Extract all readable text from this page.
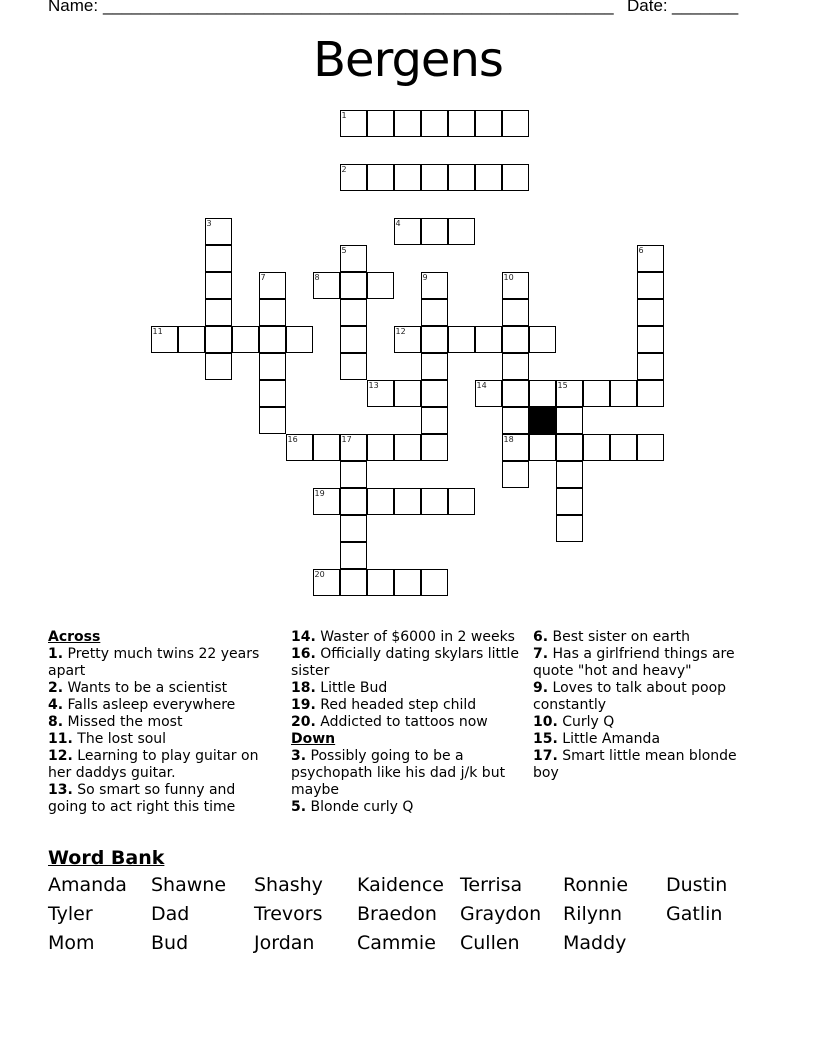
Name:

______________________________________________________

Date:

_______

Bergens
1
2
3	4
5	6
7	8	9	10
18
11	12
13	14	15
16	17
19
20
Across
1. Pretty much twins 22 years apart
2. Wants to be a scientist
4. Falls asleep everywhere
8. Missed the most
11. The lost soul
12. Learning to play guitar on her daddys guitar.
13. So smart so funny and going to act right this time
14. Waster of $6000 in 2 weeks
16. Officially dating skylars little sister
18. Little Bud
19. Red headed step child
20. Addicted to tattoos now
Down
3. Possibly going to be a psychopath like his dad j/k but maybe
5. Blonde curly Q
6. Best sister on earth
7. Has a girlfriend things are quote "hot and heavy"
9. Loves to talk about poop constantly
10. Curly Q
15. Little Amanda
17. Smart little mean blonde boy
Word Bank
Amanda Shawne Shashy Kaidence Terrisa Ronnie Dustin
Tyler	Dad	Trevors Braedon Graydon Rilynn Gatlin
Mom	Bud	Jordan Cammie Cullen Maddy
